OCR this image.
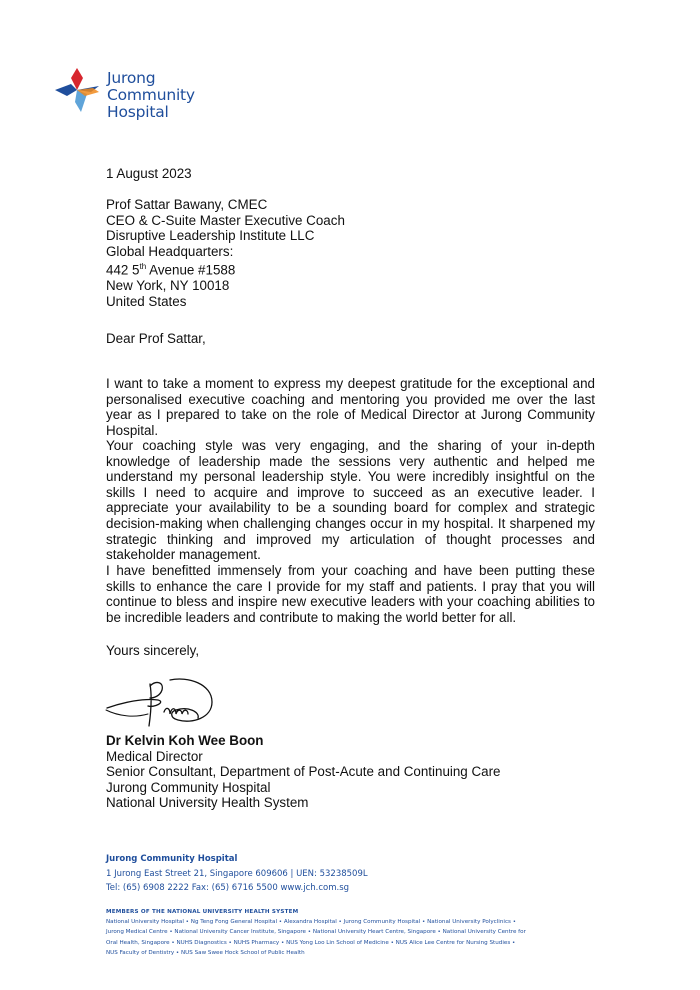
Jurong
Community
Hospital
1 August 2023
Prof Sattar Bawany, CMEC
CEO & C-Suite Master Executive Coach
Disruptive Leadership Institute LLC
Global Headquarters:
442 5th Avenue #1588
New York, NY 10018
United States
Dear Prof Sattar,

I want to take a moment to express my deepest gratitude for the exceptional and personalised executive coaching and mentoring you provided me over the last year as I prepared to take on the role of Medical Director at Jurong Community Hospital.

Your coaching style was very engaging, and the sharing of your in-depth knowledge of leadership made the sessions very authentic and helped me understand my personal leadership style. You were incredibly insightful on the skills I need to acquire and improve to succeed as an executive leader. I appreciate your availability to be a sounding board for complex and strategic decision-making when challenging changes occur in my hospital. It sharpened my strategic thinking and improved my articulation of thought processes and stakeholder management.

I have benefitted immensely from your coaching and have been putting these skills to enhance the care I provide for my staff and patients. I pray that you will continue to bless and inspire new executive leaders with your coaching abilities to be incredible leaders and contribute to making the world better for all.

Yours sincerely,
Dr Kelvin Koh Wee Boon
Medical Director
Senior Consultant, Department of Post-Acute and Continuing Care
Jurong Community Hospital
National University Health System
Jurong Community Hospital
1 Jurong East Street 21, Singapore 609606 | UEN: 53238509L
Tel: (65) 6908 2222 Fax: (65) 6716 5500 www.jch.com.sg
MEMBERS OF THE NATIONAL UNIVERSITY HEALTH SYSTEM
National University Hospital • Ng Teng Fong General Hospital • Alexandra Hospital • Jurong Community Hospital • National University Polyclinics •
Jurong Medical Centre • National University Cancer Institute, Singapore • National University Heart Centre, Singapore • National University Centre for
Oral Health, Singapore • NUHS Diagnostics • NUHS Pharmacy • NUS Yong Loo Lin School of Medicine • NUS Alice Lee Centre for Nursing Studies •
NUS Faculty of Dentistry • NUS Saw Swee Hock School of Public Health
